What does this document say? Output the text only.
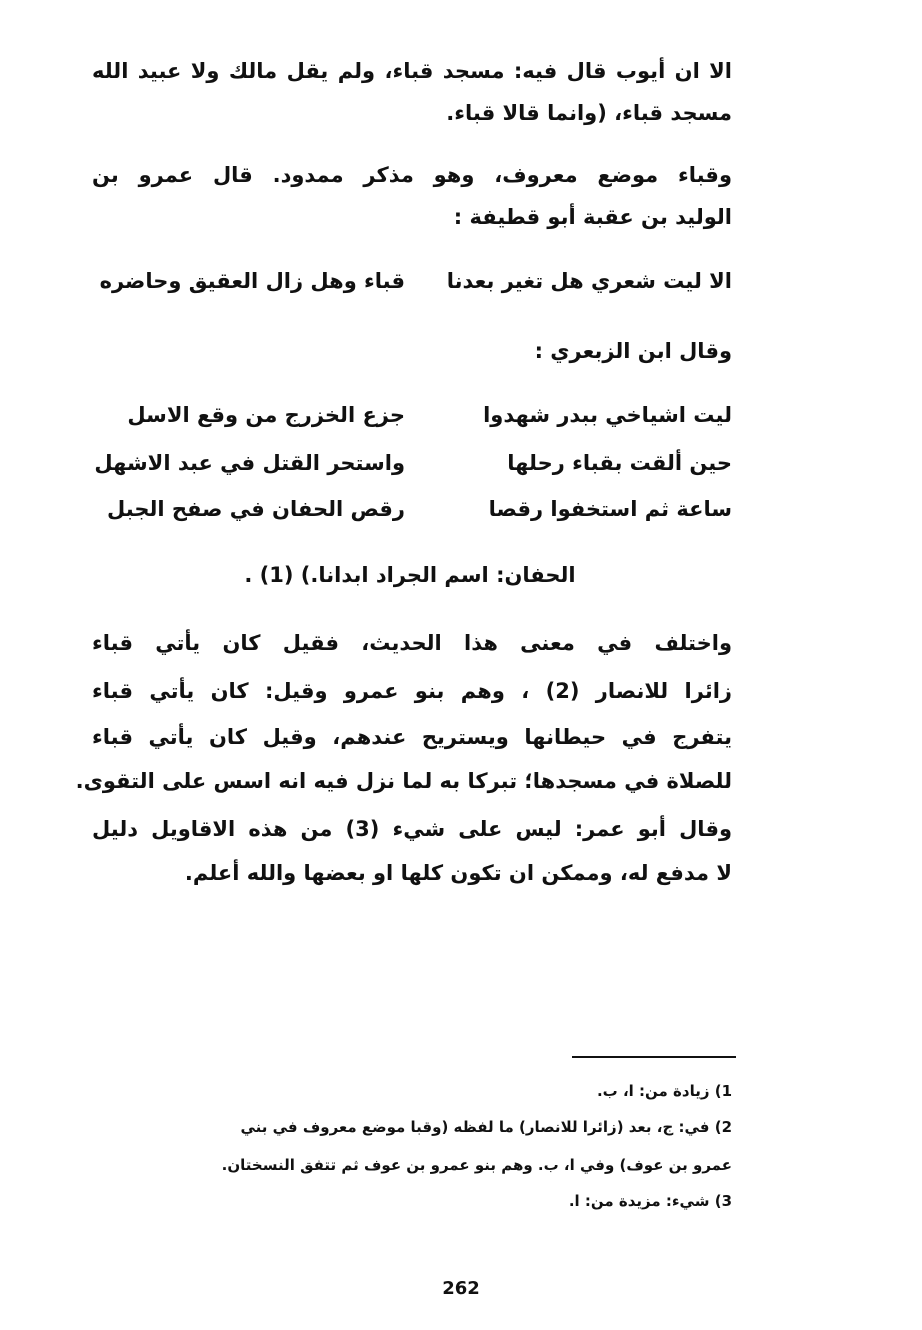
الا ان أيوب قال فيه: مسجد قباء، ولم يقل مالك ولا عبيد الله
مسجد قباء، (وانما قالا قباء.
وقباء موضع معروف، وهو مذكر ممدود. قال عمرو بن
الوليد بن عقبة أبو قطيفة :
الا ليت شعري هل تغير بعدنا
قباء وهل زال العقيق وحاضره
وقال ابن الزبعري :
ليت اشياخي ببدر شهدوا
جزع الخزرج من وقع الاسل
حين ألقت بقباء رحلها
واستحر القتل في عبد الاشهل
ساعة ثم استخفوا رقصا
رقص الحفان في صفح الجبل
الحفان: اسم الجراد ابدانا.) (1) .
واختلف في معنى هذا الحديث، فقيل كان يأتي قباء
زائرا للانصار (2) ، وهم بنو عمرو وقيل: كان يأتي قباء
يتفرج في حيطانها ويستريح عندهم، وقيل كان يأتي قباء
للصلاة في مسجدها؛ تبركا به لما نزل فيه انه اسس على التقوى.
وقال أبو عمر: ليس على شيء (3) من هذه الاقاويل دليل
لا مدفع له، وممكن ان تكون كلها او بعضها والله أعلم.
1) زيادة من: ا، ب.
2) في: ج، بعد (زائرا للانصار) ما لفظه (وقبا موضع معروف في بني
عمرو بن عوف) وفي ا، ب. وهم بنو عمرو بن عوف ثم تتفق النسختان.
3) شيء: مزيدة من: ا.
262
